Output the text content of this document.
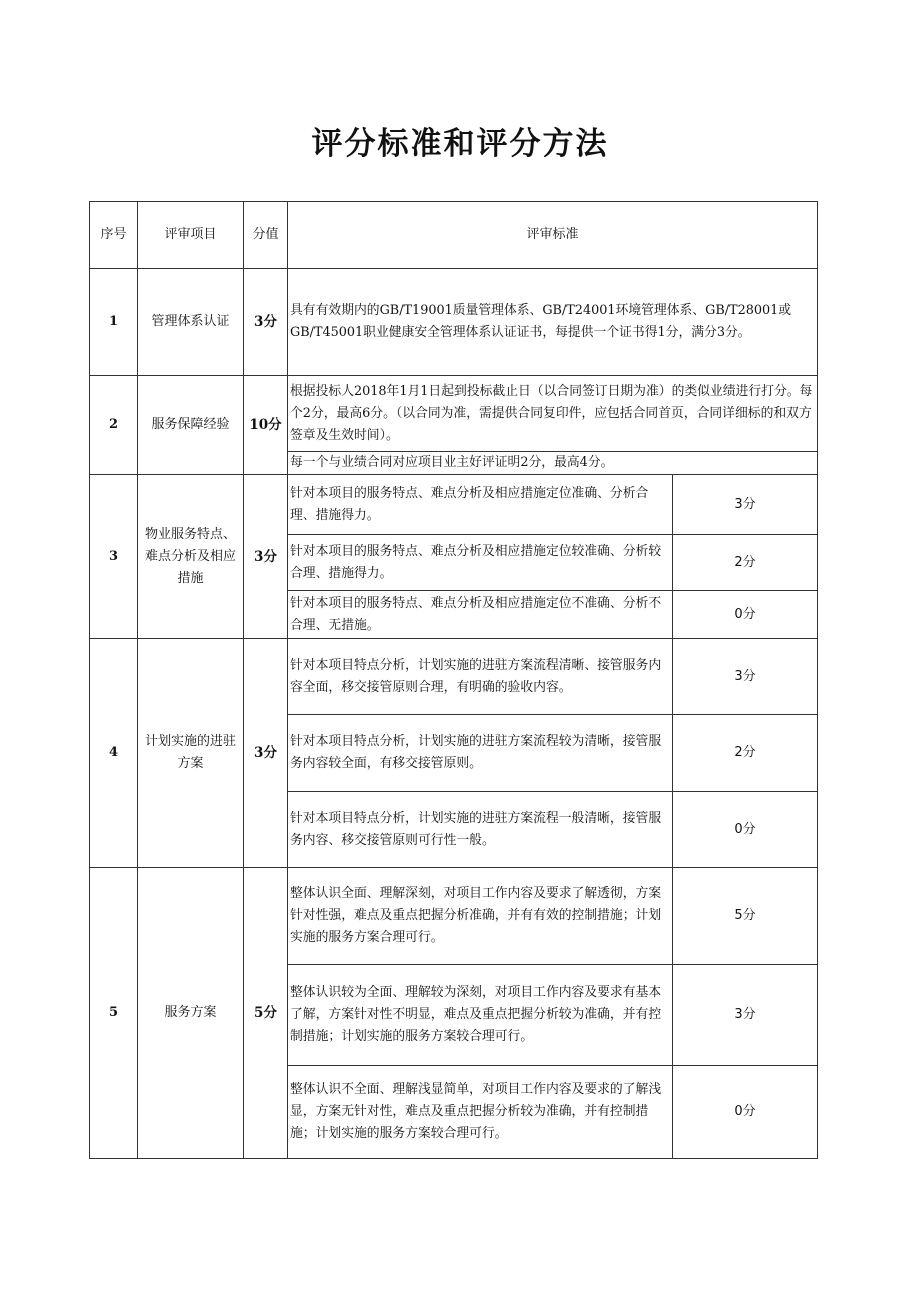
评分标准和评分方法
序号	评审项目	分值	评审标准	
1	管理体系认证	3分	具有有效期内的GB/T19001质量管理体系、GB/T24001环境管理体系、GB/T28001或GB/T45001职业健康安全管理体系认证证书，每提供一个证书得1分，满分3分。	
2	服务保障经验	10分	根据投标人2018年1月1日起到投标截止日（以合同签订日期为准）的类似业绩进行打分。每个2分，最高6分。（以合同为准，需提供合同复印件，应包括合同首页，合同详细标的和双方签章及生效时间）。	
			每一个与业绩合同对应项目业主好评证明2分，最高4分。	
3	物业服务特点、难点分析及相应措施	3分	针对本项目的服务特点、难点分析及相应措施定位准确、分析合理、措施得力。	3分
			针对本项目的服务特点、难点分析及相应措施定位较准确、分析较合理、措施得力。	2分
			针对本项目的服务特点、难点分析及相应措施定位不准确、分析不合理、无措施。	0分
4	计划实施的进驻方案	3分	针对本项目特点分析，计划实施的进驻方案流程清晰、接管服务内容全面，移交接管原则合理，有明确的验收内容。	3分
			针对本项目特点分析，计划实施的进驻方案流程较为清晰，接管服务内容较全面，有移交接管原则。	2分
			针对本项目特点分析，计划实施的进驻方案流程一般清晰，接管服务内容、移交接管原则可行性一般。	0分
5	服务方案	5分	整体认识全面、理解深刻，对项目工作内容及要求了解透彻，方案针对性强，难点及重点把握分析准确，并有有效的控制措施；计划实施的服务方案合理可行。	5分
			整体认识较为全面、理解较为深刻，对项目工作内容及要求有基本了解，方案针对性不明显，难点及重点把握分析较为准确，并有控制措施；计划实施的服务方案较合理可行。	3分
			整体认识不全面、理解浅显简单，对项目工作内容及要求的了解浅显，方案无针对性，难点及重点把握分析较为准确，并有控制措施；计划实施的服务方案较合理可行。	0分
